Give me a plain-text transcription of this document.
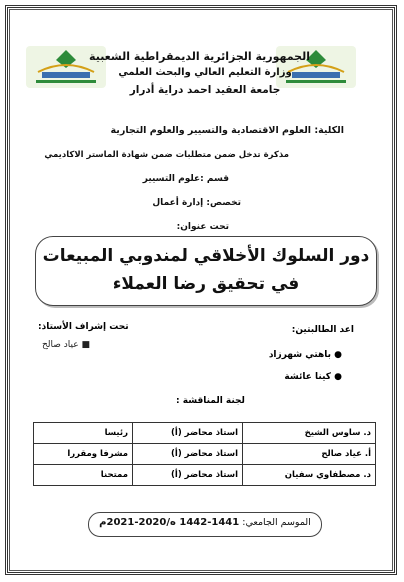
الجمهورية الجزائرية الديمقراطية الشعبية
وزارة التعليم العالي والبحث العلمي
جامعة العقيد احمد دراية أدرار
الكلية: العلوم الاقتصادية والتسيير والعلوم التجارية
مذكرة تدخل ضمن متطلبات ضمن شهادة الماستر الاكاديمي
قسم :علوم التسيير
تخصص: إدارة أعمال
تحت عنوان:
دور السلوك الأخلاقي لمندوبي المبيعات
في تحقيق رضا العملاء
اعد الطالبتين:
تحت إشراف الأستاذ:
■ عياد صالح
● باهتي شهرزاد
● كينا عائشة
لجنة المناقشة :
د. ساوس الشيخ	استاذ محاضر (أ)	رئيسا
أ. عياد صالح	استاذ محاضر (أ)	مشرفا ومقررا
د. مصطفاوي سفيان	استاذ محاضر (أ)	ممتحنا
الموسم الجامعي: 1441-1442 ه/2020-2021م
